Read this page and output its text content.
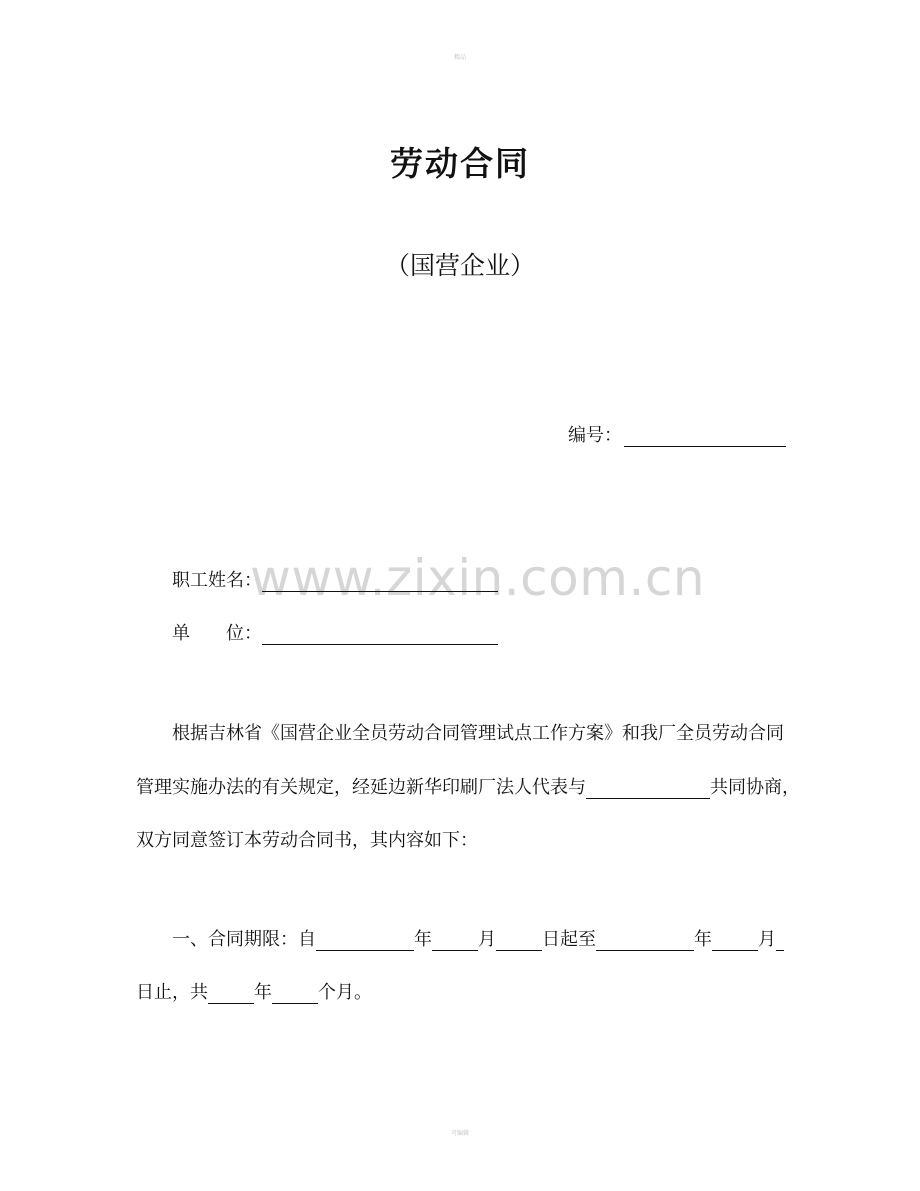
精品
劳动合同
（国营企业）
编号：
www.zixin.com.cn
职工姓名：
单 位：
根据吉林省《国营企业全员劳动合同管理试点工作方案》和我厂全员劳动合同
管理实施办法的有关规定，经延边新华印刷厂法人代表与	共同协商，
双方同意签订本劳动合同书，其内容如下：
一、合同期限：自	年	月	日起至	年	月
日止，共	年	个月。
可编辑
